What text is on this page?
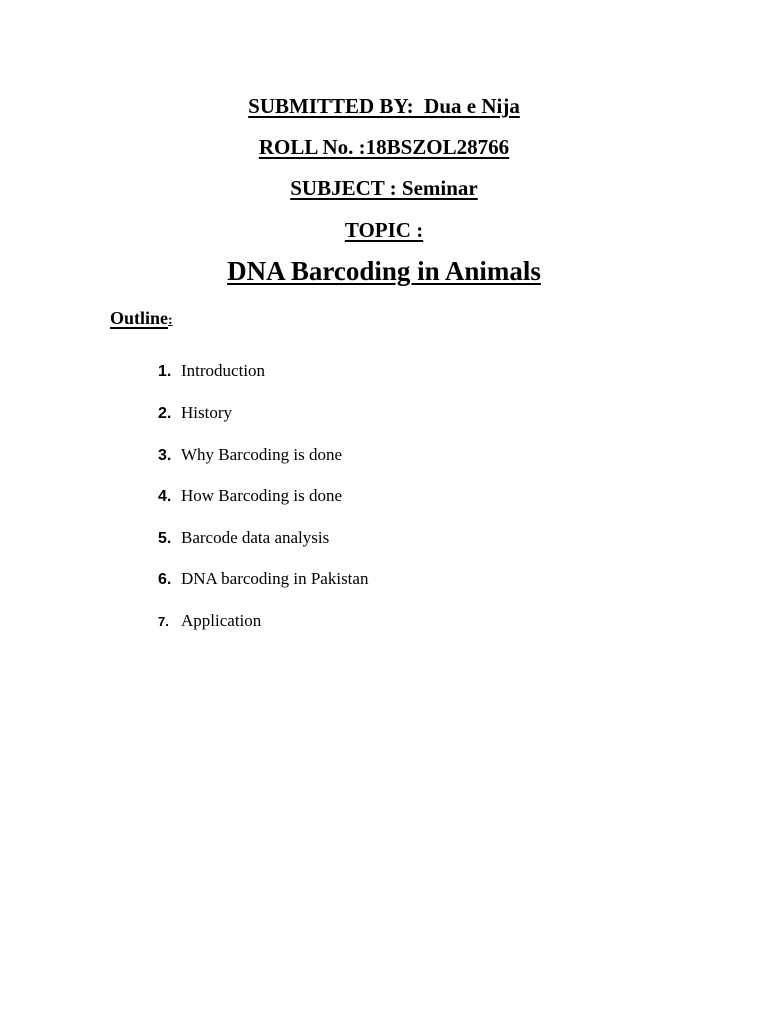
SUBMITTED BY:  Dua e Nija
ROLL No. :18BSZOL28766
SUBJECT : Seminar
TOPIC :
DNA Barcoding in Animals
Outline:
1. Introduction
2. History
3. Why Barcoding is done
4. How Barcoding is done
5. Barcode data analysis
6. DNA barcoding in Pakistan
7. Application
